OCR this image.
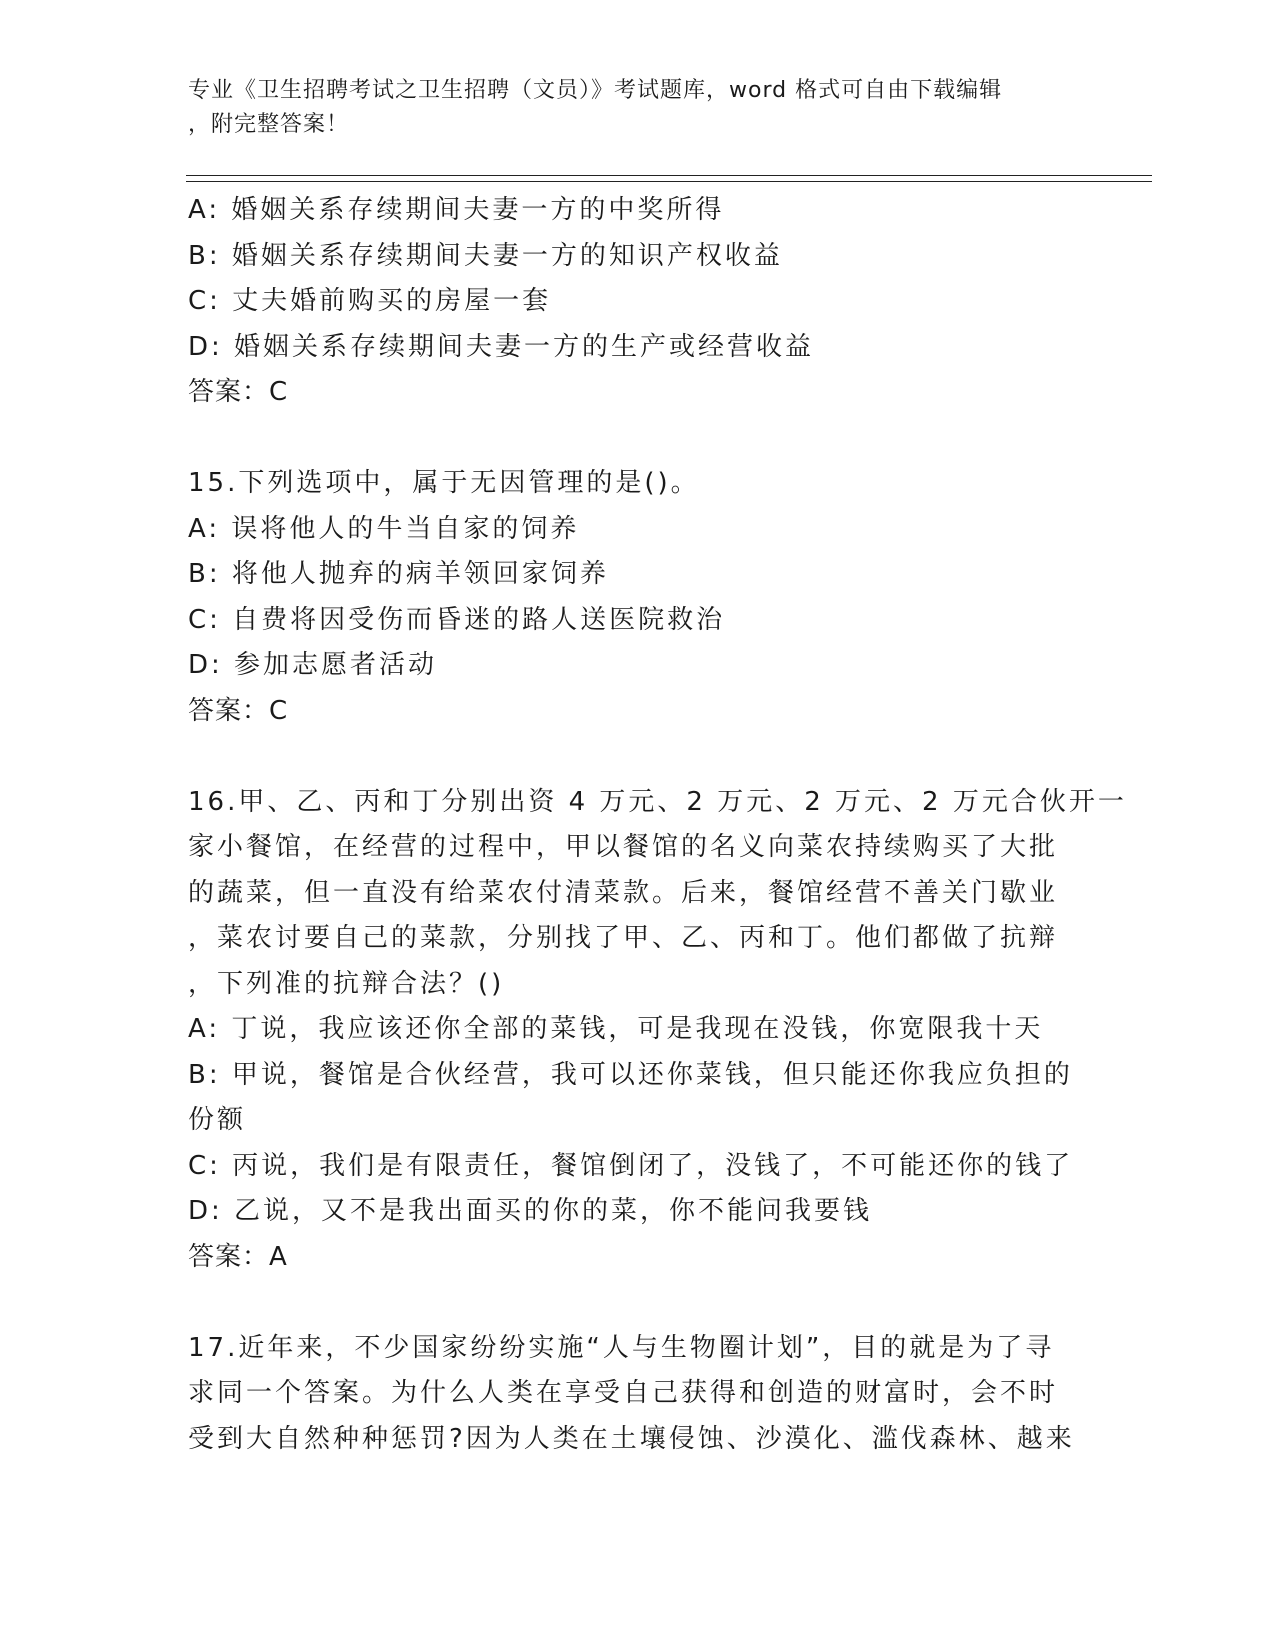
专业《卫生招聘考试之卫生招聘（文员）》考试题库，word 格式可自由下载编辑
，附完整答案！
A: 婚姻关系存续期间夫妻一方的中奖所得
B: 婚姻关系存续期间夫妻一方的知识产权收益
C: 丈夫婚前购买的房屋一套
D: 婚姻关系存续期间夫妻一方的生产或经营收益
答案：C
15.下列选项中，属于无因管理的是()。
A: 误将他人的牛当自家的饲养
B: 将他人抛弃的病羊领回家饲养
C: 自费将因受伤而昏迷的路人送医院救治
D: 参加志愿者活动
答案：C
16.甲、乙、丙和丁分别出资 4 万元、2 万元、2 万元、2 万元合伙开一
家小餐馆，在经营的过程中，甲以餐馆的名义向菜农持续购买了大批
的蔬菜，但一直没有给菜农付清菜款。后来，餐馆经营不善关门歇业
，菜农讨要自己的菜款，分别找了甲、乙、丙和丁。他们都做了抗辩
，下列准的抗辩合法？()
A: 丁说，我应该还你全部的菜钱，可是我现在没钱，你宽限我十天
B: 甲说，餐馆是合伙经营，我可以还你菜钱，但只能还你我应负担的
份额
C: 丙说，我们是有限责任，餐馆倒闭了，没钱了，不可能还你的钱了
D: 乙说，又不是我出面买的你的菜，你不能问我要钱
答案：A
17.近年来，不少国家纷纷实施“人与生物圈计划”，目的就是为了寻
求同一个答案。为什么人类在享受自己获得和创造的财富时，会不时
受到大自然种种惩罚?因为人类在土壤侵蚀、沙漠化、滥伐森林、越来
